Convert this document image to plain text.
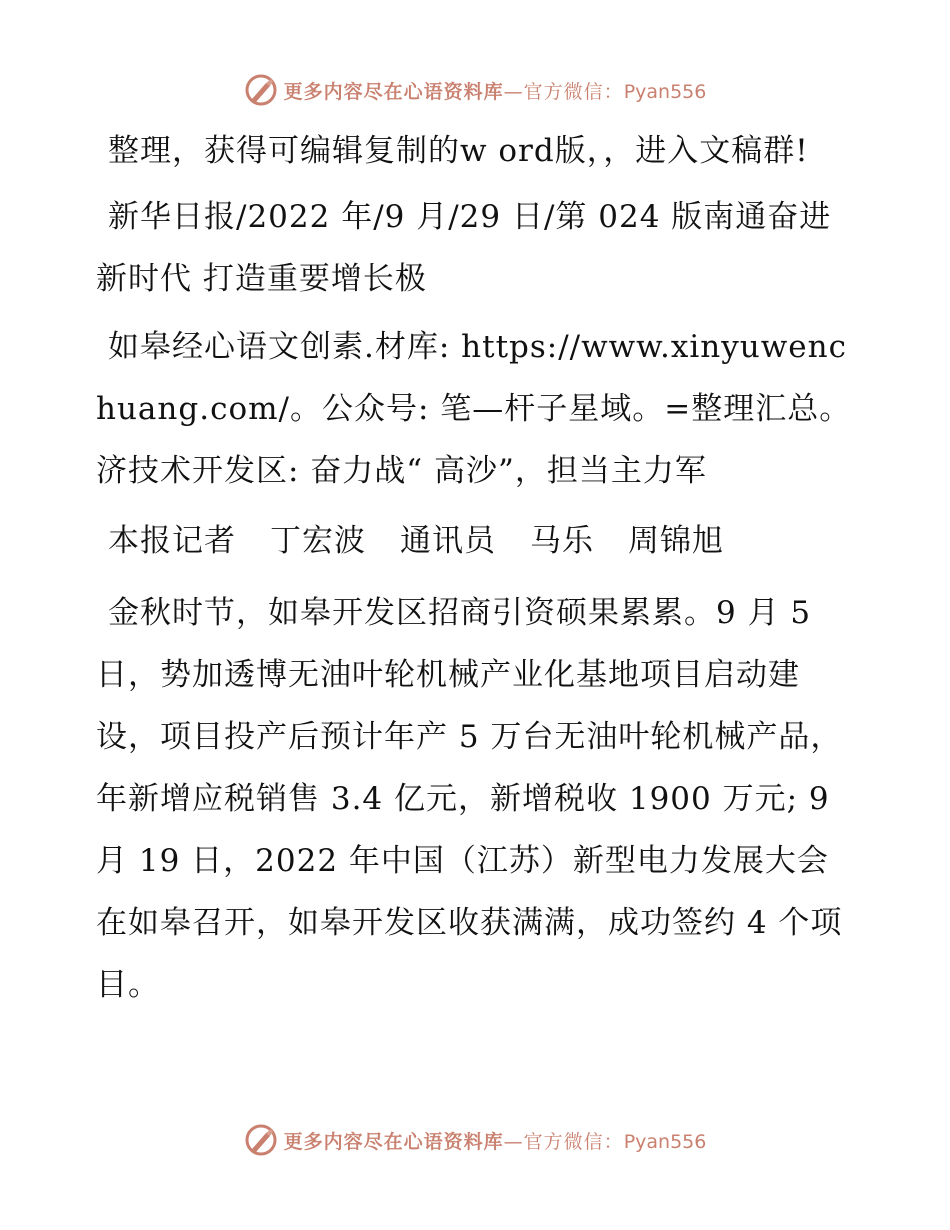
更多内容尽在心语资料库—官方微信：Pyan556

整理，获得可编辑复制的w ord版，，进入文稿群!

新华日报/2022 年/9 月/29 日/第 024 版南通奋进新时代 打造重要增长极

如皋经心语文创素.材库: https://www.xinyuwenchuang.com/。公众号: 笔—杆子星域。=整理汇总。济技术开发区: 奋力战“ 高沙”，担当主力军

本报记者 丁宏波 通讯员 马乐 周锦旭

金秋时节，如皋开发区招商引资硕果累累。9 月 5 日，势加透博无油叶轮机械产业化基地项目启动建设，项目投产后预计年产 5 万台无油叶轮机械产品，年新增应税销售 3.4 亿元，新增税收 1900 万元; 9 月 19 日，2022 年中国（江苏）新型电力发展大会在如皋召开，如皋开发区收获满满，成功签约 4 个项目。

更多内容尽在心语资料库—官方微信：Pyan556
